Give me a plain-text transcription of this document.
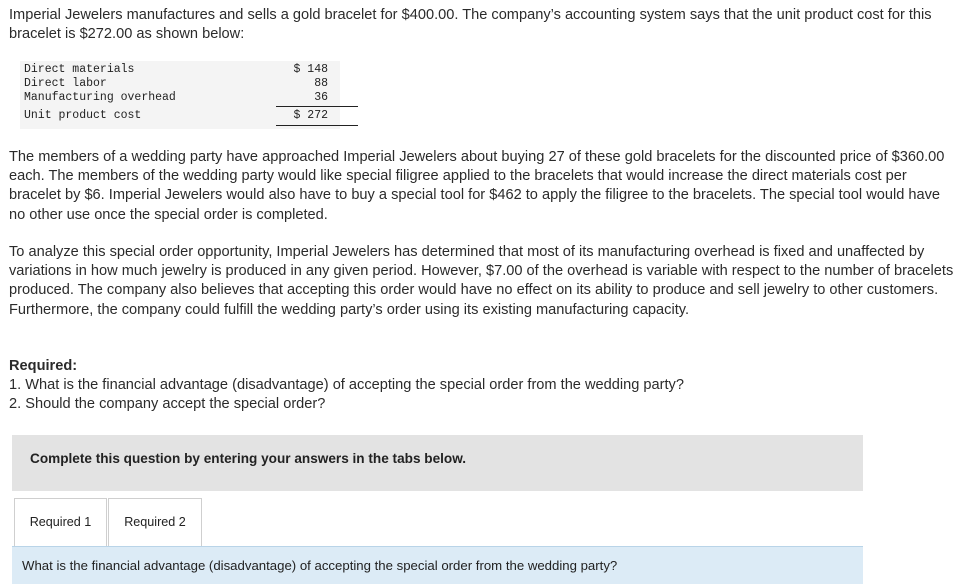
Imperial Jewelers manufactures and sells a gold bracelet for $400.00. The company’s accounting system says that the unit product cost for this bracelet is $272.00 as shown below:

Direct materials	$ 148
Direct labor	88
Manufacturing overhead	36
Unit product cost	$ 272

The members of a wedding party have approached Imperial Jewelers about buying 27 of these gold bracelets for the discounted price of $360.00 each. The members of the wedding party would like special filigree applied to the bracelets that would increase the direct materials cost per bracelet by $6. Imperial Jewelers would also have to buy a special tool for $462 to apply the filigree to the bracelets. The special tool would have no other use once the special order is completed.

To analyze this special order opportunity, Imperial Jewelers has determined that most of its manufacturing overhead is fixed and unaffected by variations in how much jewelry is produced in any given period. However, $7.00 of the overhead is variable with respect to the number of bracelets produced. The company also believes that accepting this order would have no effect on its ability to produce and sell jewelry to other customers. Furthermore, the company could fulfill the wedding party’s order using its existing manufacturing capacity.

Required:
1. What is the financial advantage (disadvantage) of accepting the special order from the wedding party?
2. Should the company accept the special order?
Complete this question by entering your answers in the tabs below.
Required 1	Required 2
What is the financial advantage (disadvantage) of accepting the special order from the wedding party?
